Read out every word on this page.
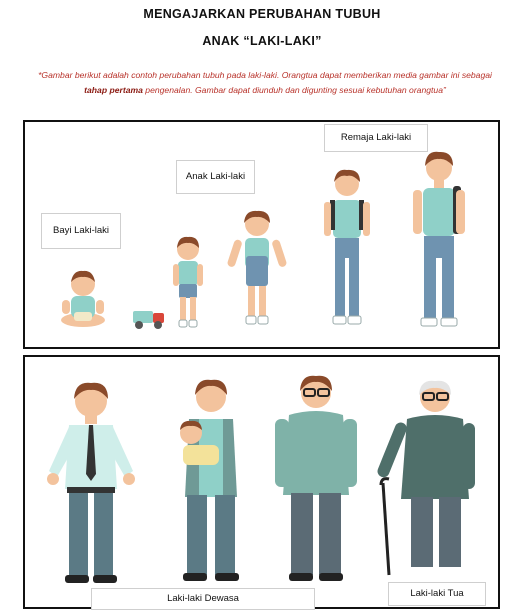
MENGAJARKAN PERUBAHAN TUBUH
ANAK “LAKI-LAKI”
*Gambar berikut adalah contoh perubahan tubuh pada laki-laki. Orangtua dapat memberikan media gambar ini sebagai tahap pertama pengenalan. Gambar dapat diunduh dan digunting sesuai kebutuhan orangtua”
Bayi Laki-laki
Anak Laki-laki
Remaja Laki-laki
Laki-laki Dewasa	Laki-laki Tua
